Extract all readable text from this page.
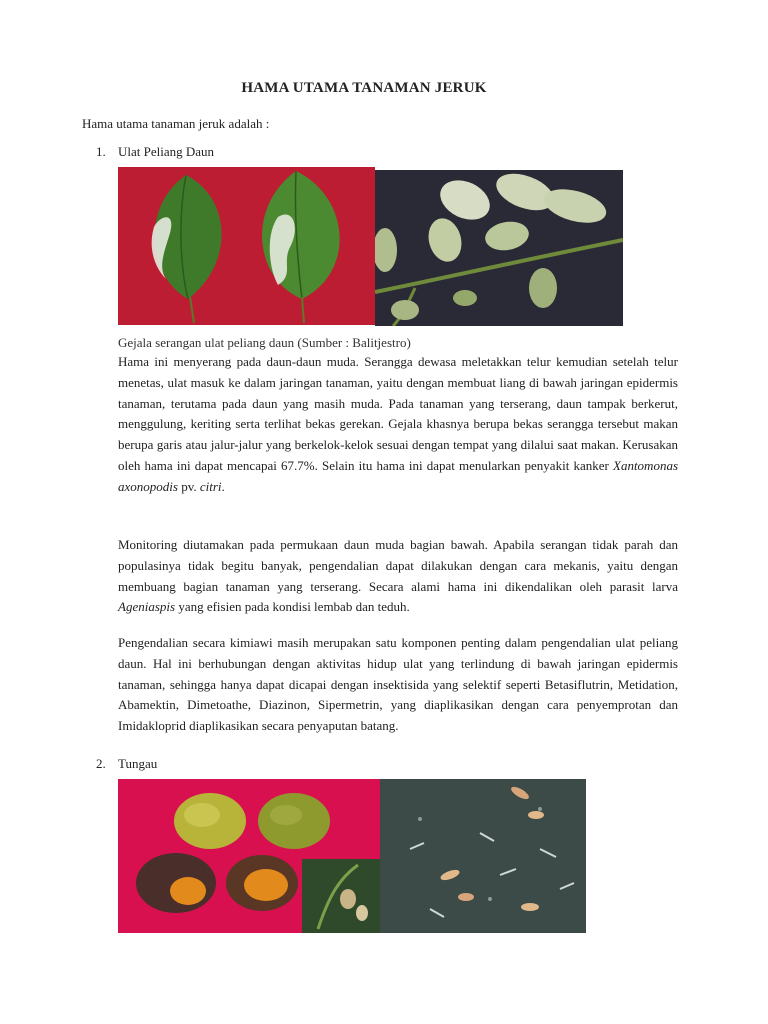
HAMA UTAMA TANAMAN JERUK
Hama utama tanaman jeruk adalah :
1. Ulat Peliang Daun
Gejala serangan ulat peliang daun (Sumber : Balitjestro)

Hama ini menyerang pada daun-daun muda. Serangga dewasa meletakkan telur kemudian setelah telur menetas, ulat masuk ke dalam jaringan tanaman, yaitu dengan membuat liang di bawah jaringan epidermis tanaman, terutama pada daun yang masih muda. Pada tanaman yang terserang, daun tampak berkerut, menggulung, keriting serta terlihat bekas gerekan. Gejala khasnya berupa bekas serangga tersebut makan berupa garis atau jalur-jalur yang berkelok-kelok sesuai dengan tempat yang dilalui saat makan. Kerusakan oleh hama ini dapat mencapai 67.7%. Selain itu hama ini dapat menularkan penyakit kanker Xantomonas axonopodis pv. citri.

Monitoring diutamakan pada permukaan daun muda bagian bawah. Apabila serangan tidak parah dan populasinya tidak begitu banyak, pengendalian dapat dilakukan dengan cara mekanis, yaitu dengan membuang bagian tanaman yang terserang. Secara alami hama ini dikendalikan oleh parasit larva Ageniaspis yang efisien pada kondisi lembab dan teduh.

Pengendalian secara kimiawi masih merupakan satu komponen penting dalam pengendalian ulat peliang daun. Hal ini berhubungan dengan aktivitas hidup ulat yang terlindung di bawah jaringan epidermis tanaman, sehingga hanya dapat dicapai dengan insektisida yang selektif seperti Betasiflutrin, Metidation, Abamektin, Dimetoathe, Diazinon, Sipermetrin, yang diaplikasikan dengan cara penyemprotan dan Imidakloprid diaplikasikan secara penyaputan batang.

2. Tungau
